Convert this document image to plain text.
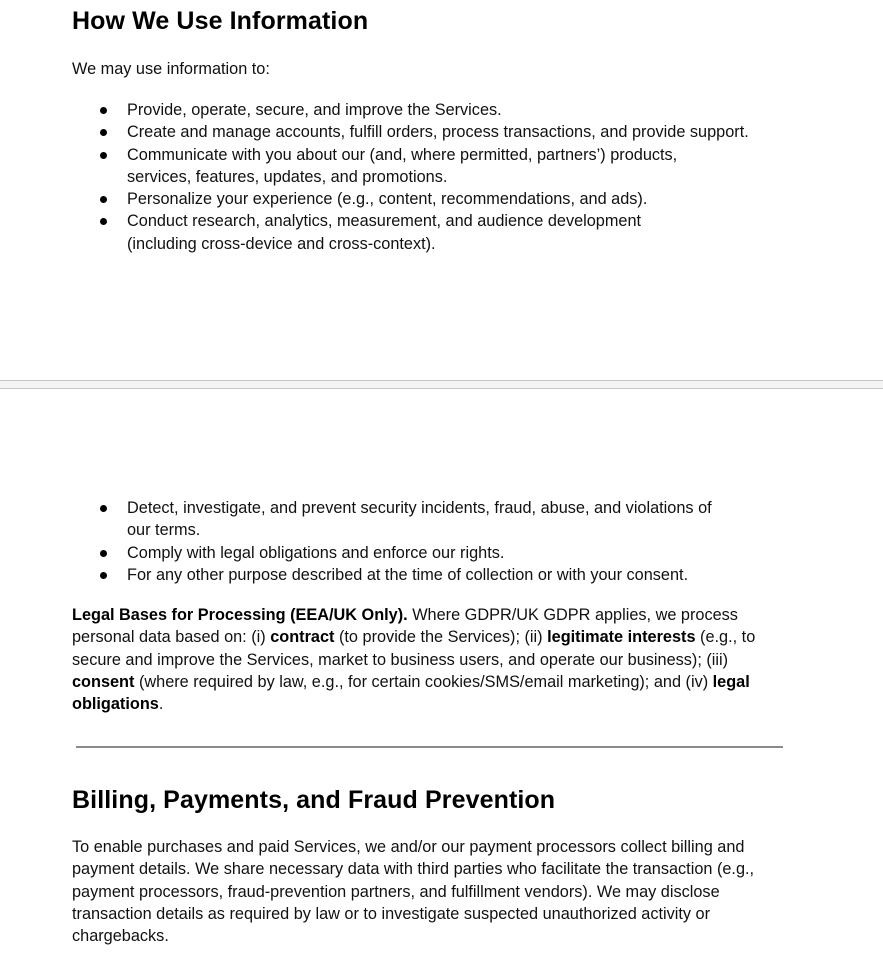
How We Use Information

We may use information to:

Provide, operate, secure, and improve the Services.
Create and manage accounts, fulfill orders, process transactions, and provide support.
Communicate with you about our (and, where permitted, partners’) products, services, features, updates, and promotions.
Personalize your experience (e.g., content, recommendations, and ads).
Conduct research, analytics, measurement, and audience development (including cross-device and cross-context).
Detect, investigate, and prevent security incidents, fraud, abuse, and violations of our terms.
Comply with legal obligations and enforce our rights.
For any other purpose described at the time of collection or with your consent.

Legal Bases for Processing (EEA/UK Only). Where GDPR/UK GDPR applies, we process personal data based on: (i) contract (to provide the Services); (ii) legitimate interests (e.g., to secure and improve the Services, market to business users, and operate our business); (iii) consent (where required by law, e.g., for certain cookies/SMS/email marketing); and (iv) legal obligations.

Billing, Payments, and Fraud Prevention

To enable purchases and paid Services, we and/or our payment processors collect billing and payment details. We share necessary data with third parties who facilitate the transaction (e.g., payment processors, fraud-prevention partners, and fulfillment vendors). We may disclose transaction details as required by law or to investigate suspected unauthorized activity or chargebacks.
